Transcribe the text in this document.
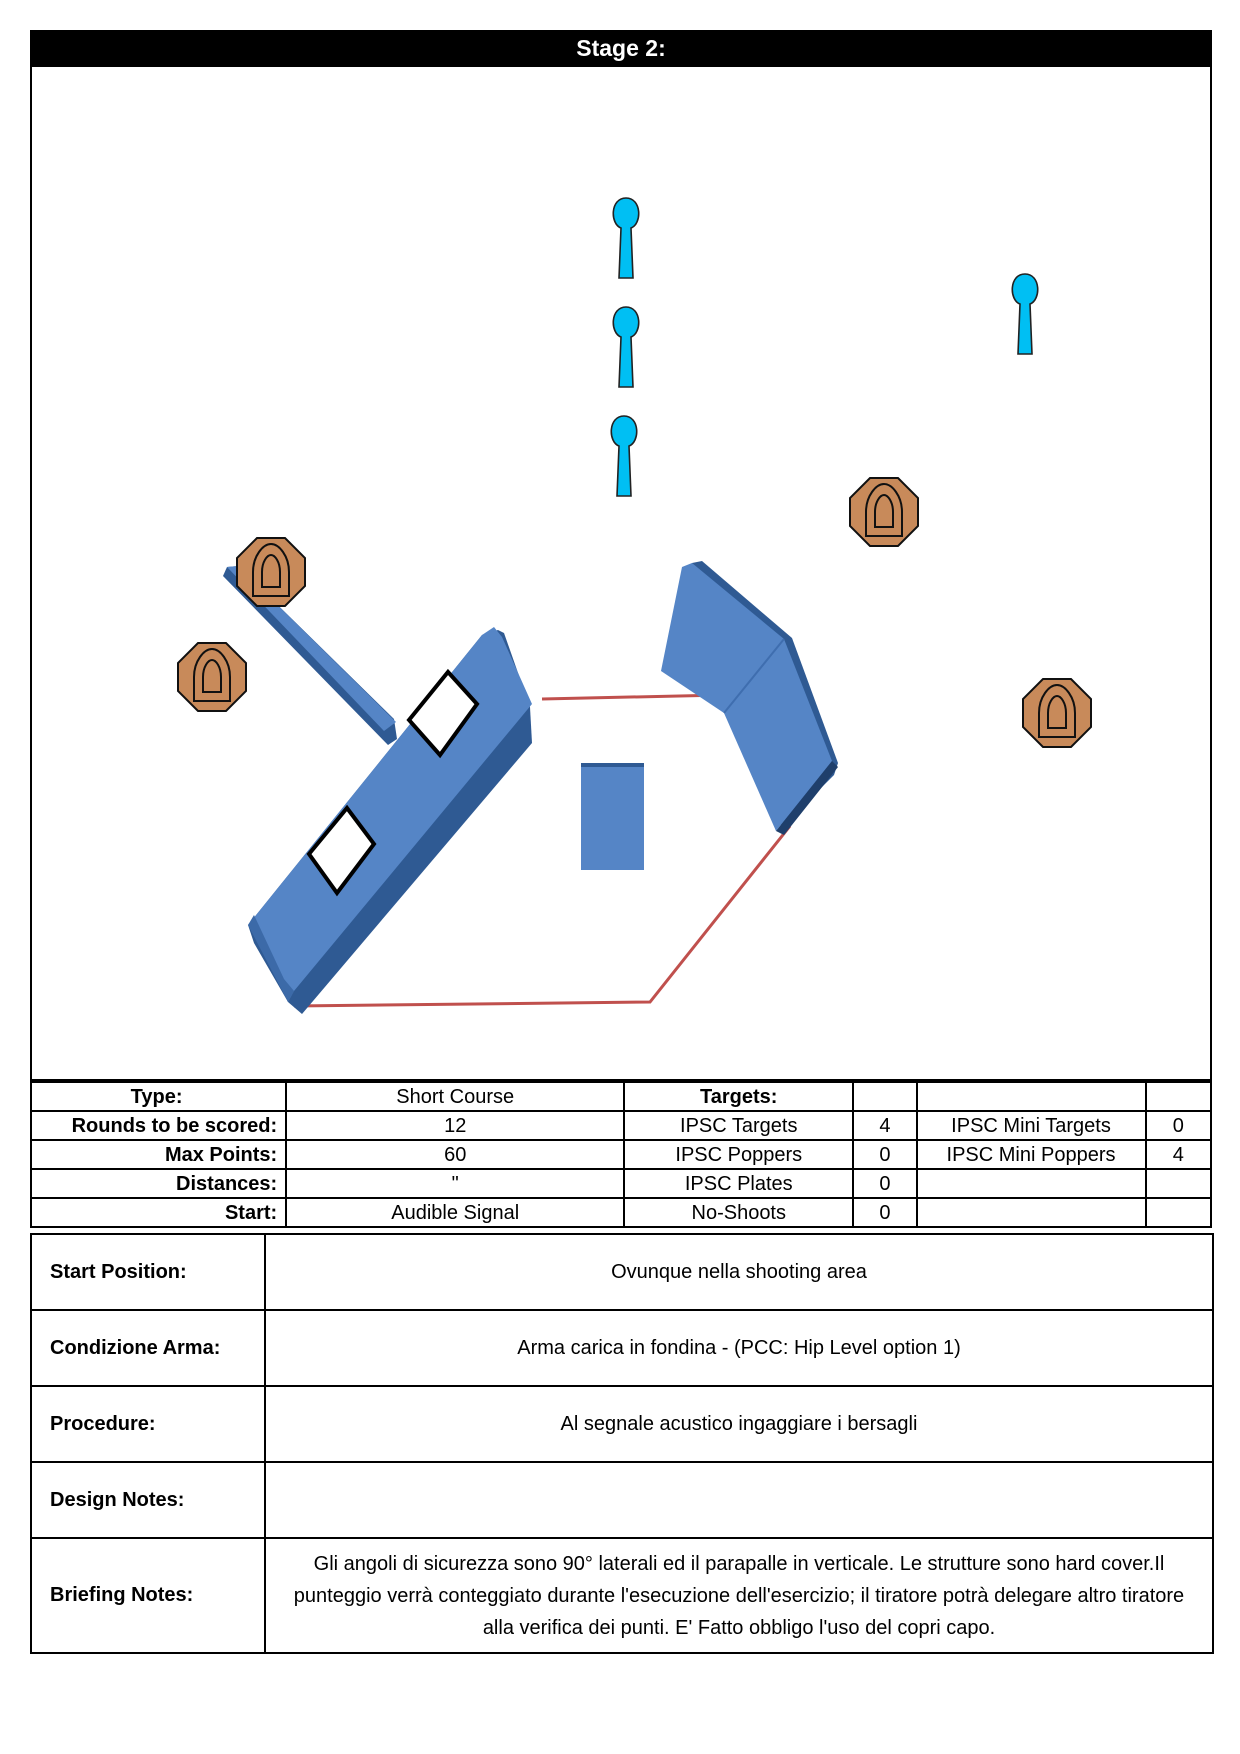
Stage 2:
Type:	Short Course	Targets:			
Rounds to be scored:	12	IPSC Targets	4	IPSC Mini Targets	0
Max Points:	60	IPSC Poppers	0	IPSC Mini Poppers	4
Distances:	"	IPSC Plates	0		
Start:	Audible Signal	No-Shoots	0		
Start Position:	Ovunque nella shooting area
Condizione Arma:	Arma carica in fondina - (PCC: Hip Level option 1)
Procedure:	Al segnale acustico ingaggiare i bersagli
Design Notes:	
Briefing Notes:	Gli angoli di sicurezza sono 90° laterali ed il parapalle in verticale. Le strutture sono hard cover.Il punteggio verrà conteggiato durante l'esecuzione dell'esercizio; il tiratore potrà delegare altro tiratore alla verifica dei punti. E' Fatto obbligo l'uso del copri capo.
